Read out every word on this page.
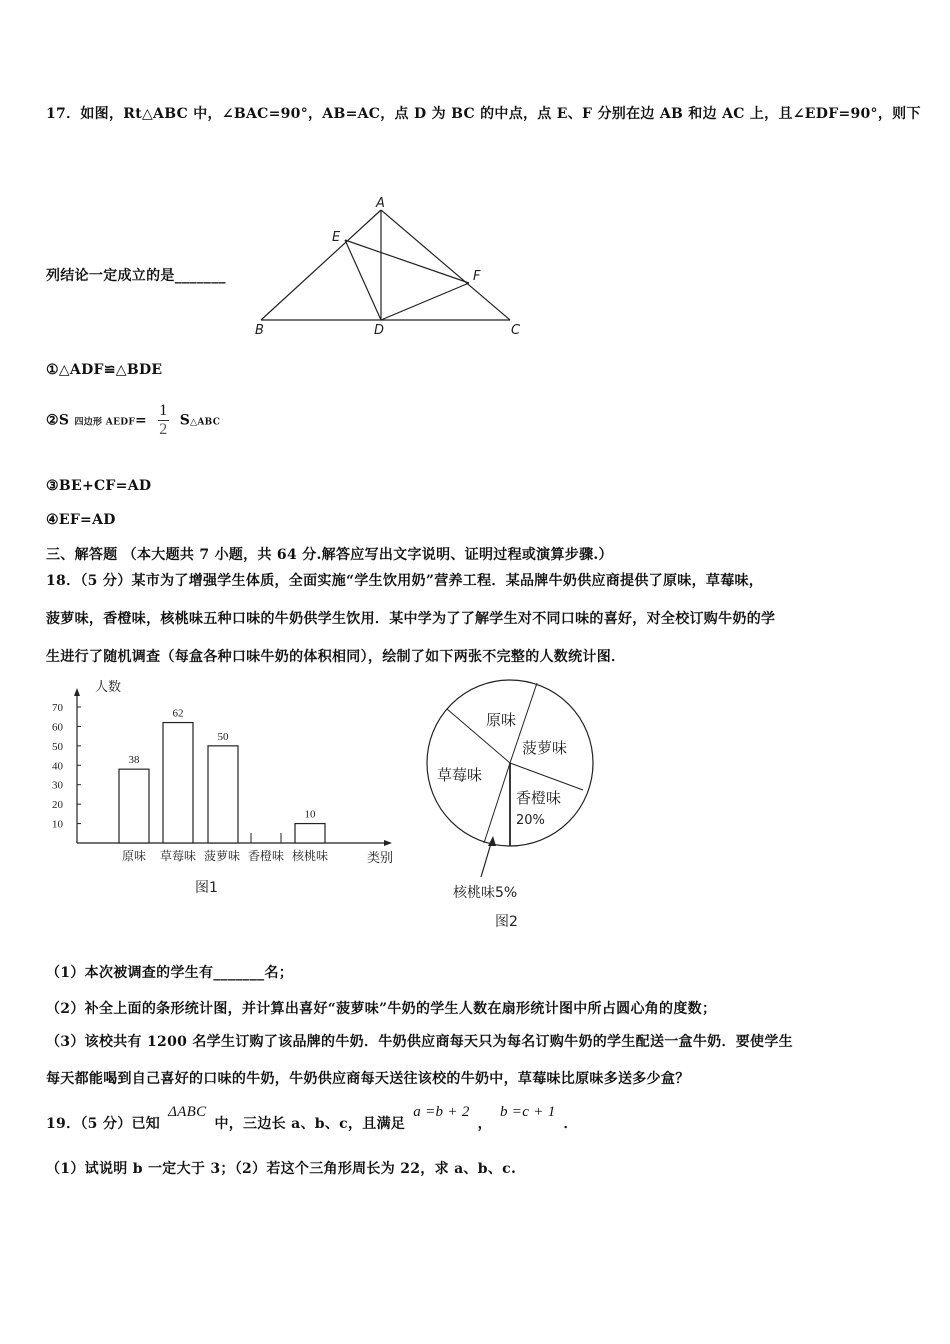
17．如图，Rt△ABC 中，∠BAC=90°，AB=AC，点 D 为 BC 的中点，点 E、F 分别在边 AB 和边 AC 上，且∠EDF=90°，则下
A
E
F
B	D	C
列结论一定成立的是_______
①△ADF≌△BDE
②S 四边形 AEDF= $\frac{1}{2}$ S△ABC
③BE+CF=AD
④EF=AD
三、解答题 （本大题共 7 小题，共 64 分.解答应写出文字说明、证明过程或演算步骤.）
18．（5 分）某市为了增强学生体质，全面实施“学生饮用奶”营养工程．某品牌牛奶供应商提供了原味，草莓味，
菠萝味，香橙味，核桃味五种口味的牛奶供学生饮用．某中学为了了解学生对不同口味的喜好，对全校订购牛奶的学
生进行了随机调查（每盒各种口味牛奶的体积相同），绘制了如下两张不完整的人数统计图．
10
20
30
40
50
60
70
人数
类别
图1
38
原味
62
草莓味
50
菠萝味 香橙味
10
核桃味
原味
菠萝味
香橙味
草莓味
20%
核桃味5%
图2
（1）本次被调查的学生有_______名；
（2）补全上面的条形统计图，并计算出喜好“菠萝味”牛奶的学生人数在扇形统计图中所占圆心角的度数；
（3）该校共有 1200 名学生订购了该品牌的牛奶．牛奶供应商每天只为每名订购牛奶的学生配送一盒牛奶．要使学生
每天都能喝到自己喜好的口味的牛奶，牛奶供应商每天送往该校的牛奶中，草莓味比原味多送多少盒？
19．（5 分）已知ΔABC中，三边长 a、b、c，且满足a =b + 2，b =c + 1．
（1）试说明 b 一定大于 3；（2）若这个三角形周长为 22，求 a、b、c.
